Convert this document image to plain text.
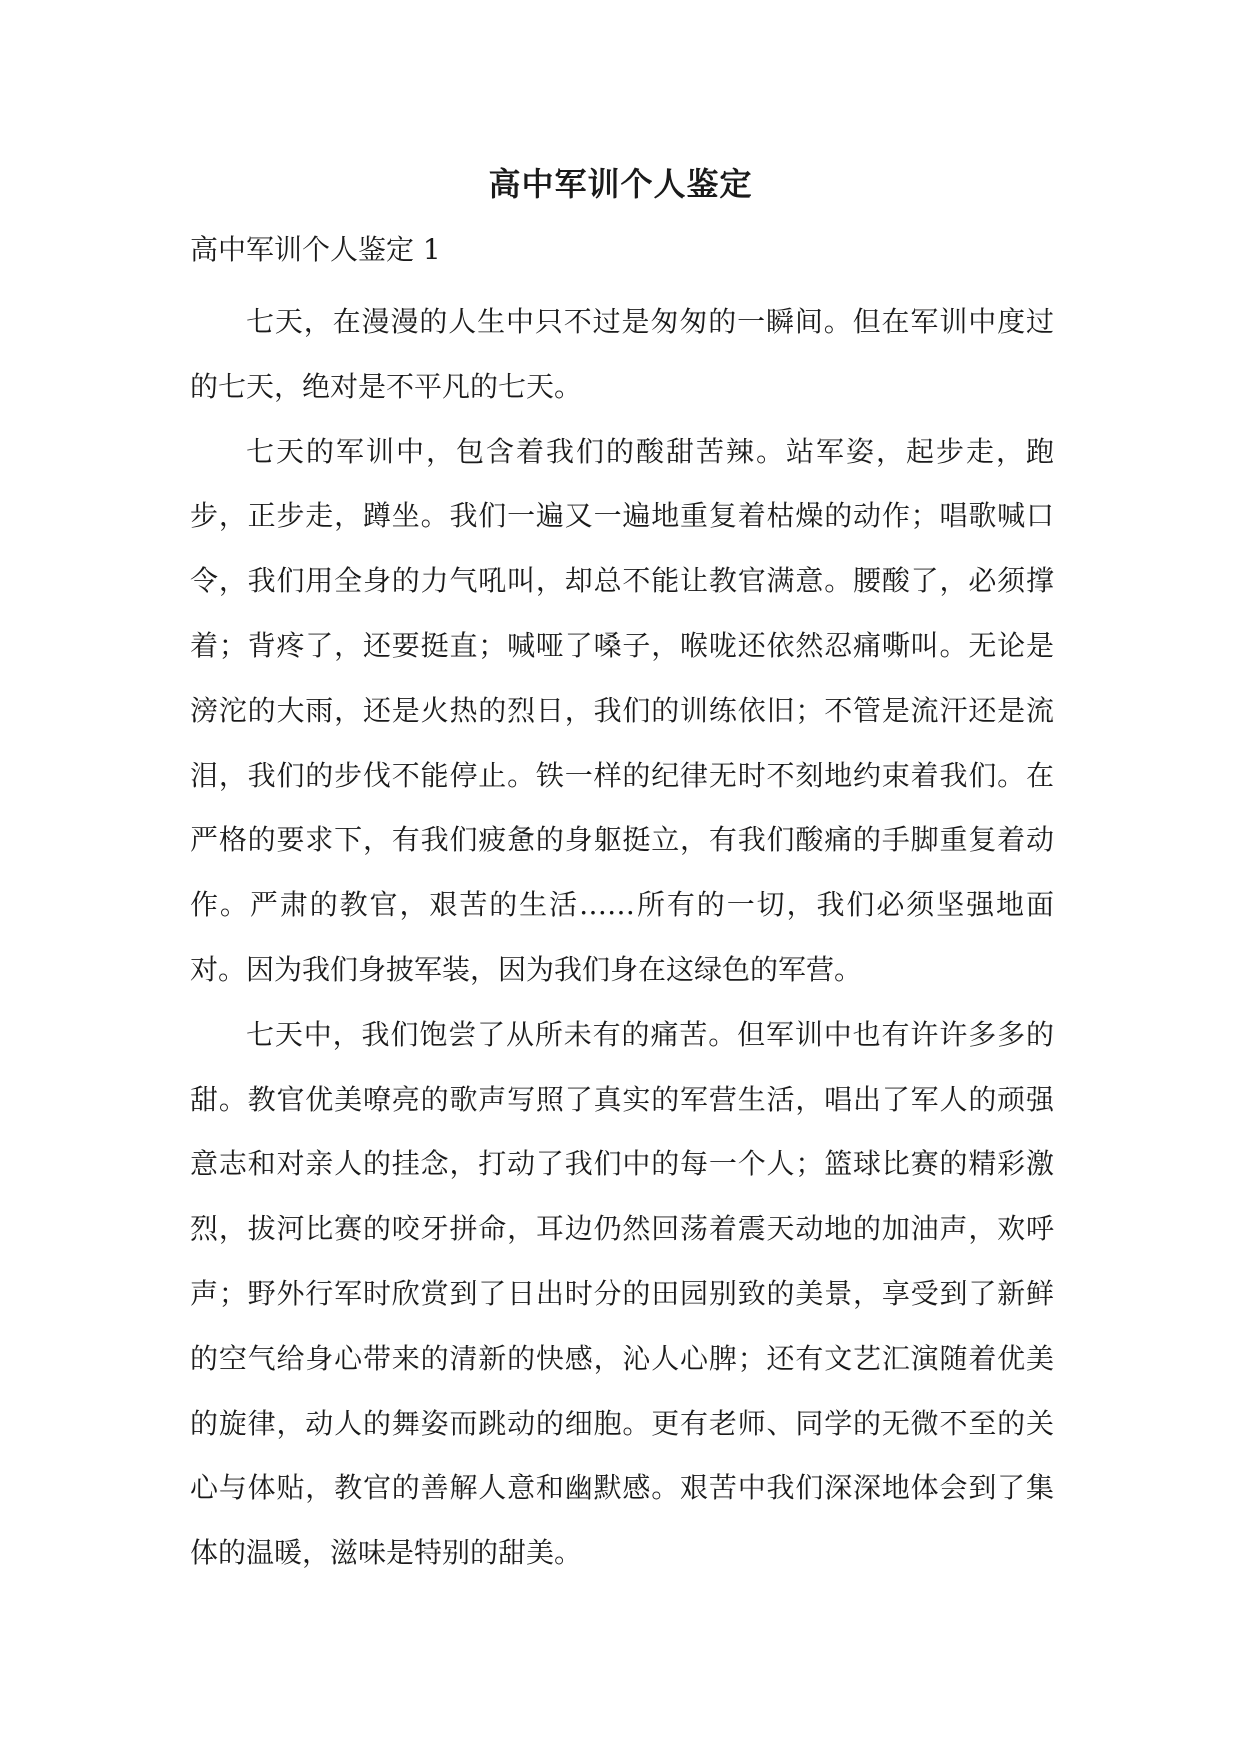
高中军训个人鉴定
高中军训个人鉴定 1

七天，在漫漫的人生中只不过是匆匆的一瞬间。但在军训中度过的七天，绝对是不平凡的七天。

七天的军训中，包含着我们的酸甜苦辣。站军姿，起步走，跑步，正步走，蹲坐。我们一遍又一遍地重复着枯燥的动作；唱歌喊口令，我们用全身的力气吼叫，却总不能让教官满意。腰酸了，必须撑着；背疼了，还要挺直；喊哑了嗓子，喉咙还依然忍痛嘶叫。无论是滂沱的大雨，还是火热的烈日，我们的训练依旧；不管是流汗还是流泪，我们的步伐不能停止。铁一样的纪律无时不刻地约束着我们。在严格的要求下，有我们疲惫的身躯挺立，有我们酸痛的手脚重复着动作。严肃的教官，艰苦的生活……所有的一切，我们必须坚强地面对。因为我们身披军装，因为我们身在这绿色的军营。

七天中，我们饱尝了从所未有的痛苦。但军训中也有许许多多的甜。教官优美嘹亮的歌声写照了真实的军营生活，唱出了军人的顽强意志和对亲人的挂念，打动了我们中的每一个人；篮球比赛的精彩激烈，拔河比赛的咬牙拼命，耳边仍然回荡着震天动地的加油声，欢呼声；野外行军时欣赏到了日出时分的田园别致的美景，享受到了新鲜的空气给身心带来的清新的快感，沁人心脾；还有文艺汇演随着优美的旋律，动人的舞姿而跳动的细胞。更有老师、同学的无微不至的关心与体贴，教官的善解人意和幽默感。艰苦中我们深深地体会到了集体的温暖，滋味是特别的甜美。
